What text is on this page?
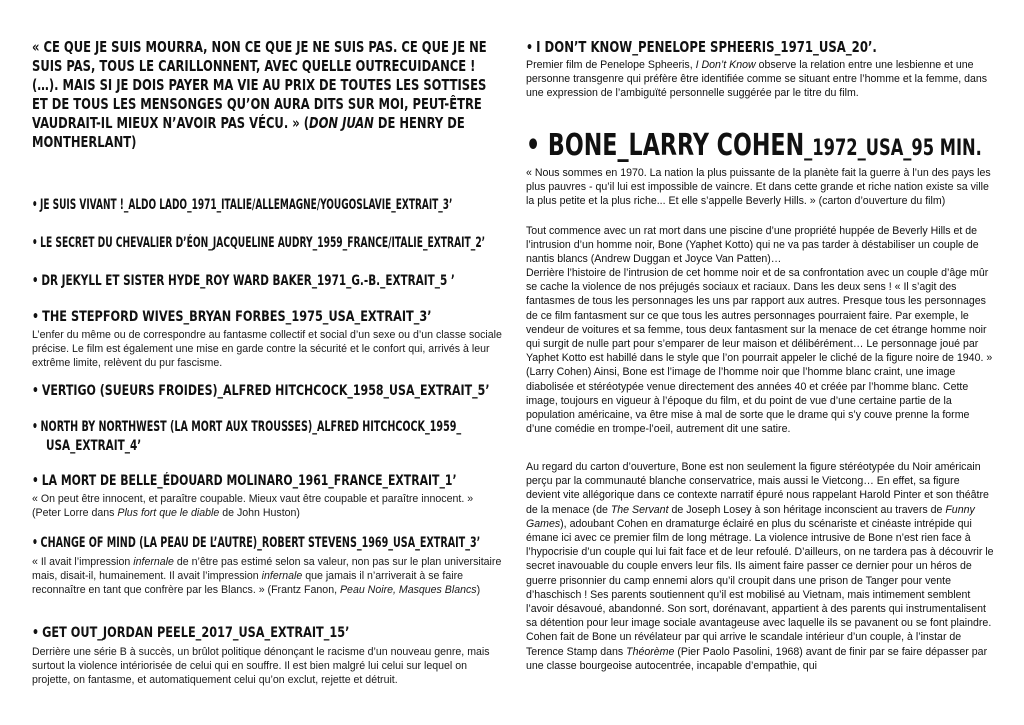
« CE QUE JE SUIS MOURRA, NON CE QUE JE NE SUIS PAS. CE QUE JE NE SUIS PAS, TOUS LE CARILLONNENT, AVEC QUELLE OUTRECUIDANCE ! (…). MAIS SI JE DOIS PAYER MA VIE AU PRIX DE TOUTES LES SOTTISES ET DE TOUS LES MENSONGES QU’ON AURA DITS SUR MOI, PEUT-ÊTRE VAUDRAIT-IL MIEUX N’AVOIR PAS VÉCU. » (DON JUAN DE HENRY DE MONTHERLANT)
• JE SUIS VIVANT !_ALDO LADO_1971_ITALIE/ALLEMAGNE/YOUGOSLAVIE_EXTRAIT_3’
• LE SECRET DU CHEVALIER D’ÉON_JACQUELINE AUDRY_1959_FRANCE/ITALIE_EXTRAIT_2’
• DR JEKYLL ET SISTER HYDE_ROY WARD BAKER_1971_G.-B._EXTRAIT_5 ’
• THE STEPFORD WIVES_BRYAN FORBES_1975_USA_EXTRAIT_3’
L’enfer du même ou de correspondre au fantasme collectif et social d’un sexe ou d’un classe sociale précise. Le film est également une mise en garde contre la sécurité et le confort qui, arrivés à leur extrême limite, relèvent du pur fascisme.
• VERTIGO (SUEURS FROIDES)_ALFRED HITCHCOCK_1958_USA_EXTRAIT_5’
• NORTH BY NORTHWEST (LA MORT AUX TROUSSES)_ALFRED HITCHCOCK_1959_
USA_EXTRAIT_4’
• LA MORT DE BELLE_ÉDOUARD MOLINARO_1961_FRANCE_EXTRAIT_1’
« On peut être innocent, et paraître coupable. Mieux vaut être coupable et paraître innocent. » (Peter Lorre dans Plus fort que le diable de John Huston)
• CHANGE OF MIND (LA PEAU DE L’AUTRE)_ROBERT STEVENS_1969_USA_EXTRAIT_3’
« Il avait l’impression infernale de n’être pas estimé selon sa valeur, non pas sur le plan universitaire mais, disait-il, humainement. Il avait l’impression infernale que jamais il n’arriverait à se faire reconnaître en tant que confrère par les Blancs. » (Frantz Fanon, Peau Noire, Masques Blancs)
• GET OUT_JORDAN PEELE_2017_USA_EXTRAIT_15’
Derrière une série B à succès, un brûlot politique dénonçant le racisme d’un nouveau genre, mais surtout la violence intériorisée de celui qui en souffre. Il est bien malgré lui celui sur lequel on projette, on fantasme, et automatiquement celui qu’on exclut, rejette et détruit.
• I DON’T KNOW_PENELOPE SPHEERIS_1971_USA_20’.
Premier film de Penelope Spheeris, I Don’t Know observe la relation entre une lesbienne et une personne transgenre qui préfère être identifiée comme se situant entre l’homme et la femme, dans une expression de l’ambiguïté personnelle suggérée par le titre du film.
• BONE_LARRY COHEN_1972_USA_95 MIN.
« Nous sommes en 1970. La nation la plus puissante de la planète fait la guerre à l’un des pays les plus pauvres - qu’il lui est impossible de vaincre. Et dans cette grande et riche nation existe sa ville la plus petite et la plus riche... Et elle s’appelle Beverly Hills. » (carton d’ouverture du film)
Tout commence avec un rat mort dans une piscine d’une propriété huppée de Beverly Hills et de l’intrusion d’un homme noir, Bone (Yaphet Kotto) qui ne va pas tarder à déstabiliser un couple de nantis blancs (Andrew Duggan et Joyce Van Patten)…
Derrière l’histoire de l’intrusion de cet homme noir et de sa confrontation avec un couple d’âge mûr se cache la violence de nos préjugés sociaux et raciaux. Dans les deux sens ! « Il s’agit des fantasmes de tous les personnages les uns par rapport aux autres. Presque tous les personnages de ce film fantasment sur ce que tous les autres personnages pourraient faire. Par exemple, le vendeur de voitures et sa femme, tous deux fantasment sur la menace de cet étrange homme noir qui surgit de nulle part pour s’emparer de leur maison et délibérément… Le personnage joué par Yaphet Kotto est habillé dans le style que l’on pourrait appeler le cliché de la figure noire de 1940. » (Larry Cohen) Ainsi, Bone est l’image de l’homme noir que l’homme blanc craint, une image diabolisée et stéréotypée venue directement des années 40 et créée par l’homme blanc. Cette image, toujours en vigueur à l’époque du film, et du point de vue d’une certaine partie de la population américaine, va être mise à mal de sorte que le drame qui s’y couve prenne la forme d’une comédie en trompe-l’oeil, autrement dit une satire.
Au regard du carton d’ouverture, Bone est non seulement la figure stéréotypée du Noir américain perçu par la communauté blanche conservatrice, mais aussi le Vietcong… En effet, sa figure devient vite allégorique dans ce contexte narratif épuré nous rappelant Harold Pinter et son théâtre de la menace (de The Servant de Joseph Losey à son héritage inconscient au travers de Funny Games), adoubant Cohen en dramaturge éclairé en plus du scénariste et cinéaste intrépide qui émane ici avec ce premier film de long métrage. La violence intrusive de Bone n’est rien face à l’hypocrisie d’un couple qui lui fait face et de leur refoulé. D’ailleurs, on ne tardera pas à découvrir le secret inavouable du couple envers leur fils. Ils aiment faire passer ce dernier pour un héros de guerre prisonnier du camp ennemi alors qu’il croupit dans une prison de Tanger pour vente d’haschisch ! Ses parents soutiennent qu’il est mobilisé au Vietnam, mais intimement semblent l’avoir désavoué, abandonné. Son sort, dorénavant, appartient à des parents qui instrumentalisent sa détention pour leur image sociale avantageuse avec laquelle ils se pavanent ou se font plaindre. Cohen fait de Bone un révélateur par qui arrive le scandale intérieur d’un couple, à l’instar de Terence Stamp dans Théorème (Pier Paolo Pasolini, 1968) avant de finir par se faire dépasser par une classe bourgeoise autocentrée, incapable d’empathie, qui
